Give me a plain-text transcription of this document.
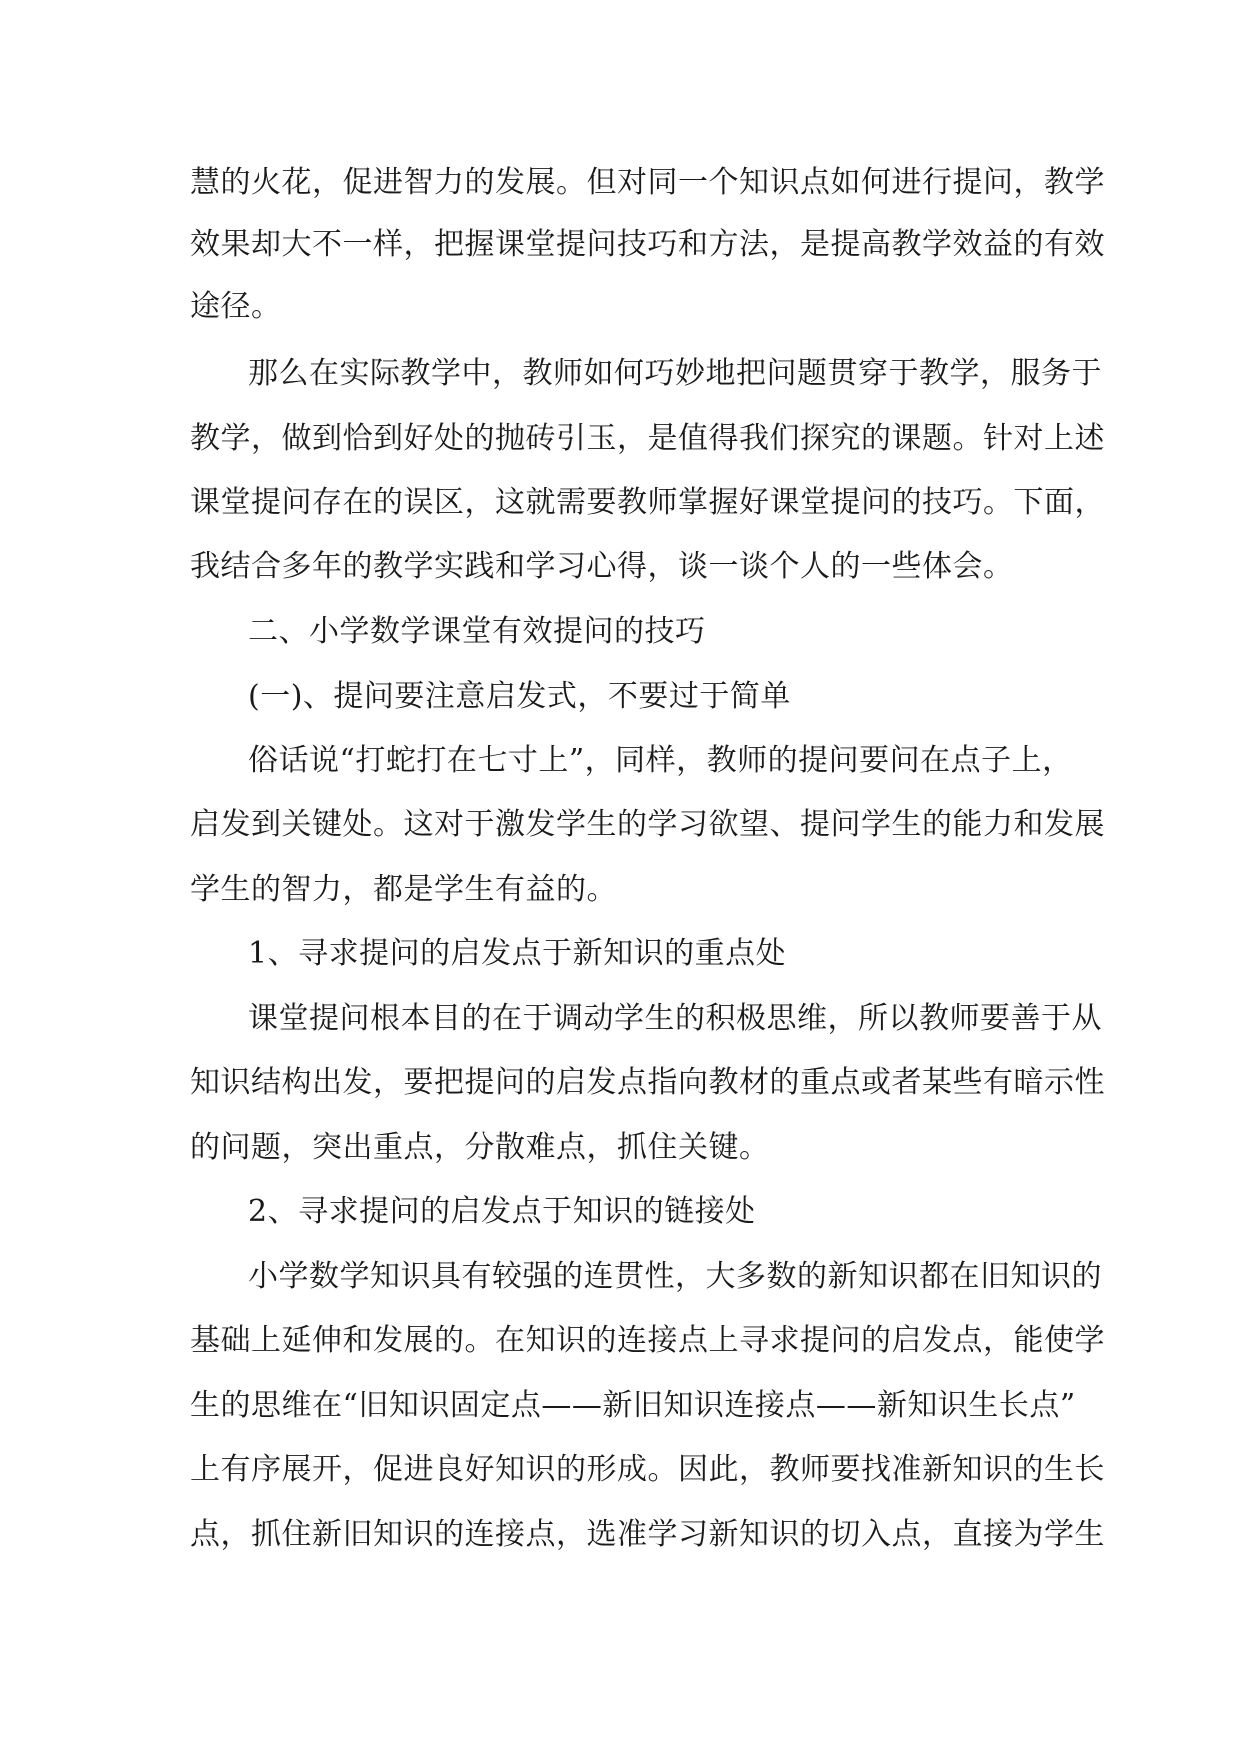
慧的火花，促进智力的发展。但对同一个知识点如何进行提问，教学
效果却大不一样，把握课堂提问技巧和方法，是提高教学效益的有效
途径。
那么在实际教学中，教师如何巧妙地把问题贯穿于教学，服务于
教学，做到恰到好处的抛砖引玉，是值得我们探究的课题。针对上述
课堂提问存在的误区，这就需要教师掌握好课堂提问的技巧。下面，
我结合多年的教学实践和学习心得，谈一谈个人的一些体会。
二、小学数学课堂有效提问的技巧
(一)、提问要注意启发式，不要过于简单
俗话说“打蛇打在七寸上”，同样，教师的提问要问在点子上，
启发到关键处。这对于激发学生的学习欲望、提问学生的能力和发展
学生的智力，都是学生有益的。
1、寻求提问的启发点于新知识的重点处
课堂提问根本目的在于调动学生的积极思维，所以教师要善于从
知识结构出发，要把提问的启发点指向教材的重点或者某些有暗示性
的问题，突出重点，分散难点，抓住关键。
2、寻求提问的启发点于知识的链接处
小学数学知识具有较强的连贯性，大多数的新知识都在旧知识的
基础上延伸和发展的。在知识的连接点上寻求提问的启发点，能使学
生的思维在“旧知识固定点——新旧知识连接点——新知识生长点”
上有序展开，促进良好知识的形成。因此，教师要找准新知识的生长
点，抓住新旧知识的连接点，选准学习新知识的切入点，直接为学生
